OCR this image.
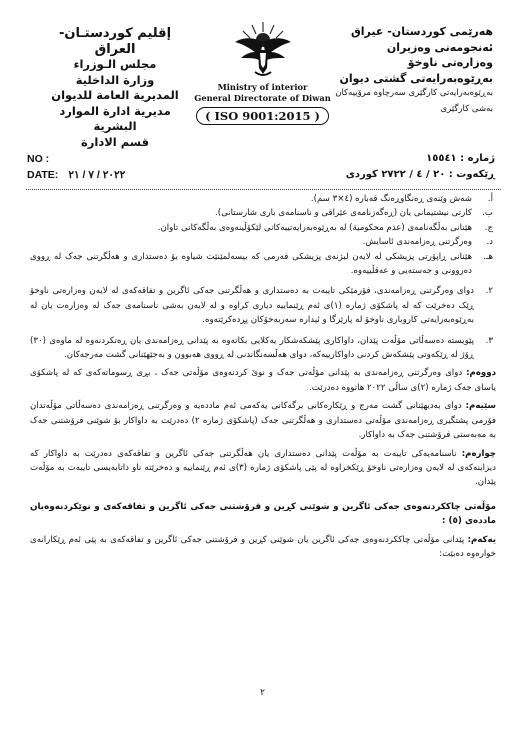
إقليم كوردستـان- العراق
مجلس الـوزراء
وزارة الداخلية
المديرية العامة للديوان
مديرية ادارة الموارد البشرية
قسم الادارة
Ministry of interior
General Directorate of Diwan
( ISO 9001:2015 )
هەرێمی کوردستان- عیراق
ئەنجومەنی وەزیران
وەزارەتی ناوخۆ
بەڕێوەبەرایەتی گشتی دیوان
بەڕێوەبەرایەتی کارگێری سەرچاوە مرۆییەکان
بەشی کارگێری
NO :
DATE: ٢٠٢٢ / ٧ / ٢١
ژمارە : ١٥٥٤١
ڕێکەوت : ٢٠ / ٤ / ٢٧٢٢ کوردی

أ.
شەش وێنەی ڕەنگاوڕەنگ قەبارە (٤×٣ سم).

ب.
کارتی نیشتیمانی یان (ڕەگەزنامەی عێراقی و ناسنامەی باری شارستانی).

ج.
هێنانی بەڵگەنامەی (عدم محکومیة) لە بەڕێوەبەرایەتییەکانی لێکۆڵینەوەی بەڵگەکانی تاوان.

د.
وەرگرتنی ڕەزامەندی ئاسایش.

هـ.
هێنانی ڕاپۆرتی پزیشکی لە لایەن لیژنەی پزیشکی فەرمی کە بیسەلمێنێت شیاوە بۆ دەستداری و هەڵگرتنی جەک لە ڕووی دەروونی و جەستەیی و عەقڵییەوە.

٢.
دوای وەرگرتنی ڕەزامەندی، فۆرمێکی تایبەت بە دەستداری و هەڵگرتنی جەکی ئاگرین و تفاقەکەی لە لایەن وەزارەتی ناوخۆ ڕێک دەخرێت کە لە پاشکۆی ژمارە (١)ی ئەم ڕێنماییە دیاری کراوە و لە لایەن بەشی ناسنامەی جەک لە وەزارەت یان لە بەڕێوەبەرایەتی کاروباری ناوخۆ لە پارێزگا و ئیدارە سەربەخۆکان پڕدەکرێتەوە.

٣.
پێویستە دەسەڵاتی مۆڵەت پێدان، داواکاری پێشکەشکار یەکلایی بکاتەوە بە پێدانی ڕەزامەندی یان ڕەتکردنەوە لە ماوەی (٣٠) ڕۆژ لە ڕێکەوتی پێشکەش کردنی داواکارییەکە، دوای هەڵسەنگاندنی لە ڕووی هەبوون و بەجێهێنانی گشت مەرجەکان.

دووەم: دوای وەرگرتنی ڕەزامەندی بە پێدانی مۆڵەتی جەک و نوێ کردنەوەی مۆڵەتی جەک ، بڕی ڕسوماتەکەی کە لە پاشکۆی یاسای جەک ژمارە (٢)ی ساڵی ٢٠٢٢ هاتووە دەدرێت.

سێیەم: دوای بەدیهێنانی گشت مەرج و ڕێکارەکانی برگەکانی یەکەمی ئەم ماددەیە و وەرگرتنی ڕەزامەندی دەسەڵاتی مۆڵەتدان فۆرمی پشتگیری ڕەزامەندی مۆڵەتی دەستداری و هەڵگرتنی جەک (پاشکۆی ژمارە ٢) دەدرێت بە داواکار بۆ شوێنی فرۆشتنی جەک بە مەبەستی فرۆشتنی جەک بە داواکار.

چوارەم: ناسنامەیەکی تایبەت بە مۆڵەت پێدانی دەستداری یان هەڵگرتنی جەکی ئاگرین و تفاقەکەی دەدرێت بە داواکار کە دیزاینەکەی لە لایەن وەزارەتی ناوخۆ ڕێکخراوە لە پێی پاشکۆی ژمارە (٣)ی ئەم ڕێنماییە و دەخرێتە ناو داتابەیسی تایبەت بە مۆڵەت پێدان.

مۆڵەتی چاککردنەوەی جەکی ئاگرین و شوێنی کڕین و فرۆشتنی جەکی ئاگرین و تفاقەکەی و نوێکردنەوەیان ماددەی (٥) :

یەکەم: پێدانی مۆڵەتی چاککردنەوەی جەکی ئاگرین یان شوێنی کڕین و فرۆشتنی جەکی ئاگرین و تفاقەکەی بە پێی ئەم ڕێکارانەی خوارەوە دەبێت:

٢
